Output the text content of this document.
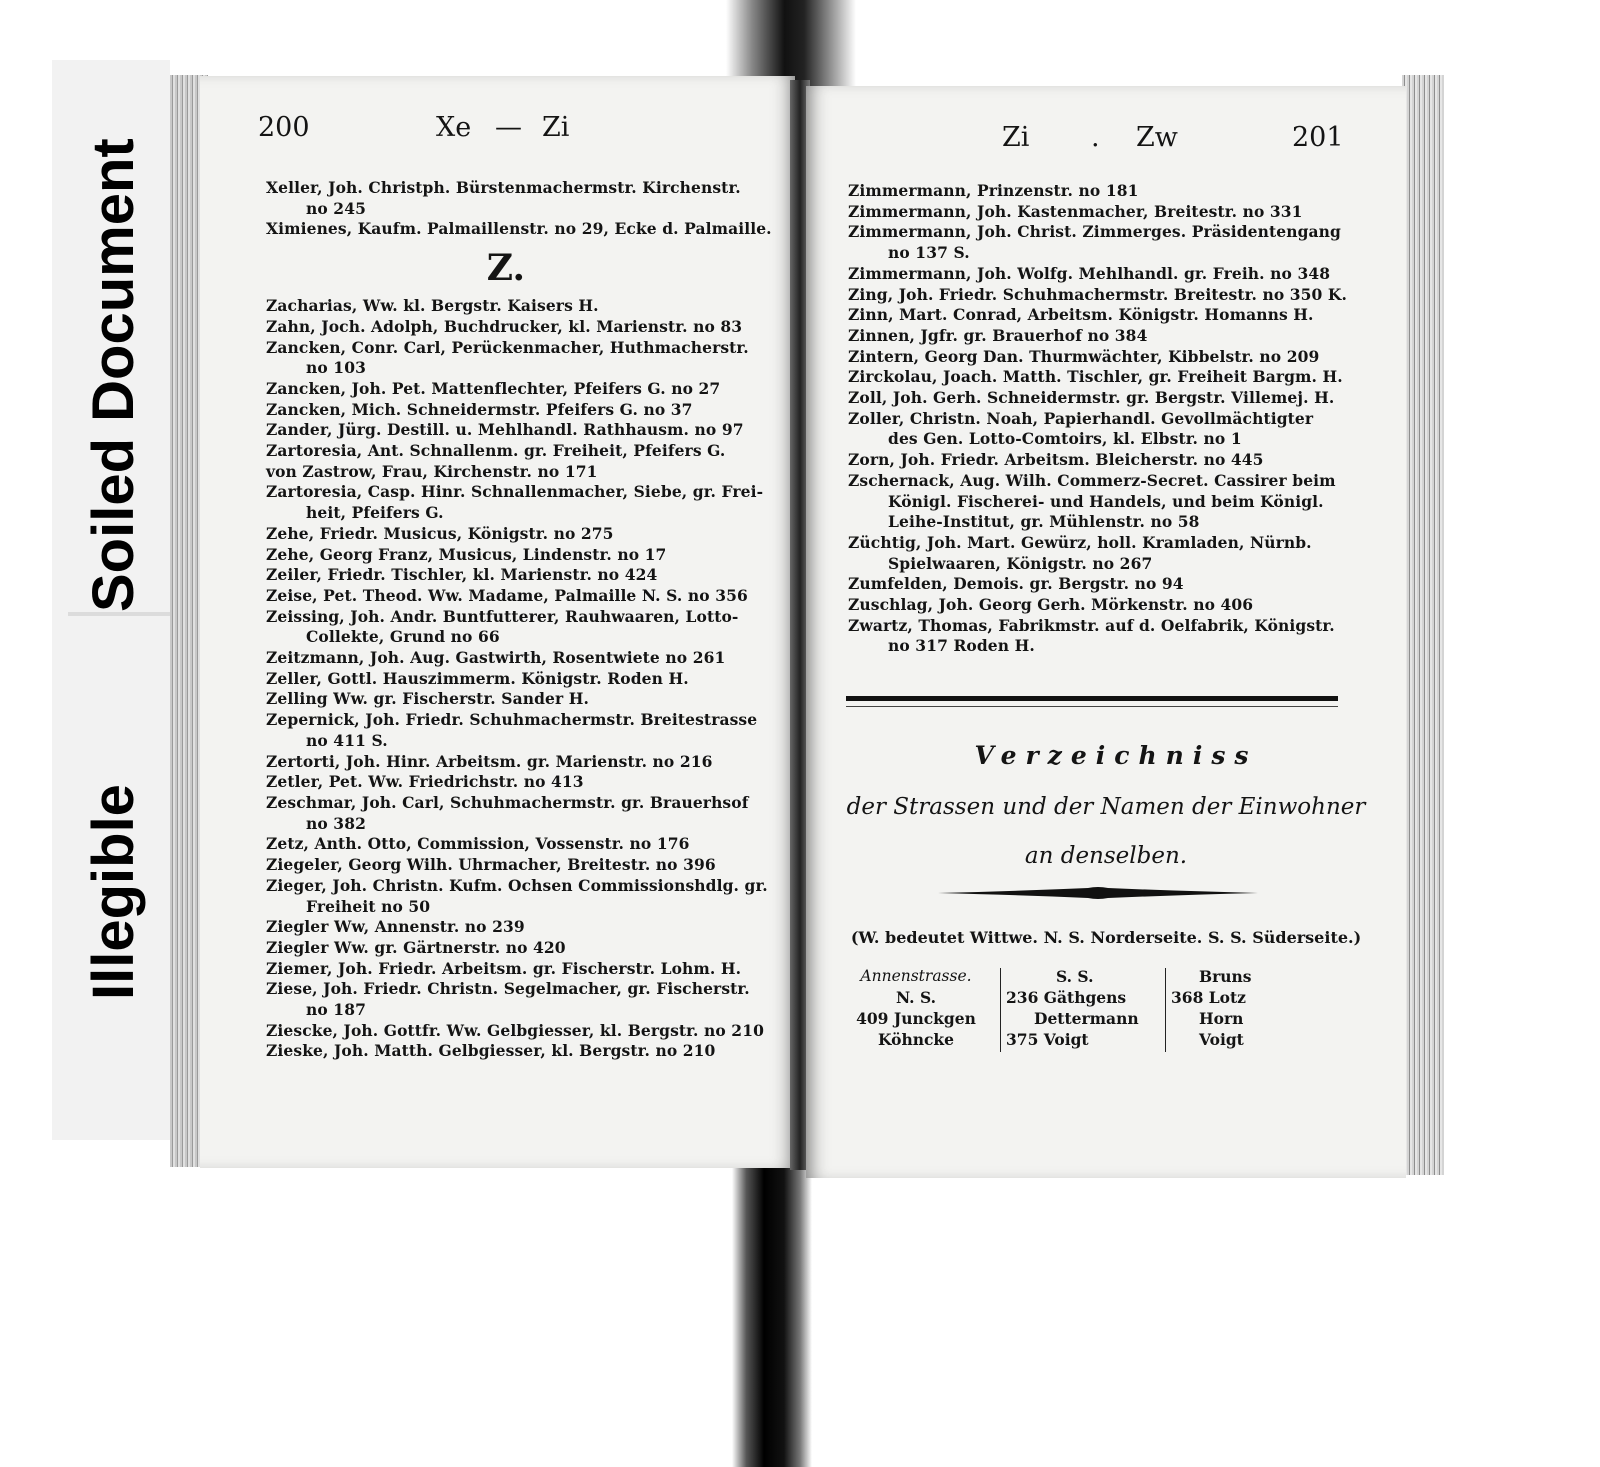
Soiled Document
Illegible
200	Xe — Zi
Xeller, Joh. Christph. Bürstenmachermstr. Kirchenstr.
no 245
Ximienes, Kaufm. Palmaillenstr. no 29, Ecke d. Palmaille.
Z.
Zacharias, Ww. kl. Bergstr. Kaisers H.
Zahn, Joch. Adolph, Buchdrucker, kl. Marienstr. no 83
Zancken, Conr. Carl, Perückenmacher, Huthmacherstr.
no 103
Zancken, Joh. Pet. Mattenflechter, Pfeifers G. no 27
Zancken, Mich. Schneidermstr. Pfeifers G. no 37
Zander, Jürg. Destill. u. Mehlhandl. Rathhausm. no 97
Zartoresia, Ant. Schnallenm. gr. Freiheit, Pfeifers G.
von Zastrow, Frau, Kirchenstr. no 171
Zartoresia, Casp. Hinr. Schnallenmacher, Siebe, gr. Frei-
heit, Pfeifers G.
Zehe, Friedr. Musicus, Königstr. no 275
Zehe, Georg Franz, Musicus, Lindenstr. no 17
Zeiler, Friedr. Tischler, kl. Marienstr. no 424
Zeise, Pet. Theod. Ww. Madame, Palmaille N. S. no 356
Zeissing, Joh. Andr. Buntfutterer, Rauhwaaren, Lotto-
Collekte, Grund no 66
Zeitzmann, Joh. Aug. Gastwirth, Rosentwiete no 261
Zeller, Gottl. Hauszimmerm. Königstr. Roden H.
Zelling Ww. gr. Fischerstr. Sander H.
Zepernick, Joh. Friedr. Schuhmachermstr. Breitestrasse
no 411 S.
Zertorti, Joh. Hinr. Arbeitsm. gr. Marienstr. no 216
Zetler, Pet. Ww. Friedrichstr. no 413
Zeschmar, Joh. Carl, Schuhmachermstr. gr. Brauerhsof
no 382
Zetz, Anth. Otto, Commission, Vossenstr. no 176
Ziegeler, Georg Wilh. Uhrmacher, Breitestr. no 396
Zieger, Joh. Christn. Kufm. Ochsen Commissionshdlg. gr.
Freiheit no 50
Ziegler Ww, Annenstr. no 239
Ziegler Ww. gr. Gärtnerstr. no 420
Ziemer, Joh. Friedr. Arbeitsm. gr. Fischerstr. Lohm. H.
Ziese, Joh. Friedr. Christn. Segelmacher, gr. Fischerstr.
no 187
Ziescke, Joh. Gottfr. Ww. Gelbgiesser, kl. Bergstr. no 210
Zieske, Joh. Matth. Gelbgiesser, kl. Bergstr. no 210
Zi . Zw	201
Zimmermann, Prinzenstr. no 181
Zimmermann, Joh. Kastenmacher, Breitestr. no 331
Zimmermann, Joh. Christ. Zimmerges. Präsidentengang
no 137 S.
Zimmermann, Joh. Wolfg. Mehlhandl. gr. Freih. no 348
Zing, Joh. Friedr. Schuhmachermstr. Breitestr. no 350 K.
Zinn, Mart. Conrad, Arbeitsm. Königstr. Homanns H.
Zinnen, Jgfr. gr. Brauerhof no 384
Zintern, Georg Dan. Thurmwächter, Kibbelstr. no 209
Zirckolau, Joach. Matth. Tischler, gr. Freiheit Bargm. H.
Zoll, Joh. Gerh. Schneidermstr. gr. Bergstr. Villemej. H.
Zoller, Christn. Noah, Papierhandl. Gevollmächtigter
des Gen. Lotto-Comtoirs, kl. Elbstr. no 1
Zorn, Joh. Friedr. Arbeitsm. Bleicherstr. no 445
Zschernack, Aug. Wilh. Commerz-Secret. Cassirer beim
Königl. Fischerei- und Handels, und beim Königl.
Leihe-Institut, gr. Mühlenstr. no 58
Züchtig, Joh. Mart. Gewürz, holl. Kramladen, Nürnb.
Spielwaaren, Königstr. no 267
Zumfelden, Demois. gr. Bergstr. no 94
Zuschlag, Joh. Georg Gerh. Mörkenstr. no 406
Zwartz, Thomas, Fabrikmstr. auf d. Oelfabrik, Königstr.
no 317 Roden H.
Verzeichniss
der Strassen und der Namen der Einwohner
an denselben.
(W. bedeutet Wittwe. N. S. Norderseite. S. S. Süderseite.)
Annenstrasse.
N. S.
409 Junckgen
Köhncke
S. S.
236 Gäthgens
Dettermann
375 Voigt
Bruns
368 Lotz
Horn
Voigt
